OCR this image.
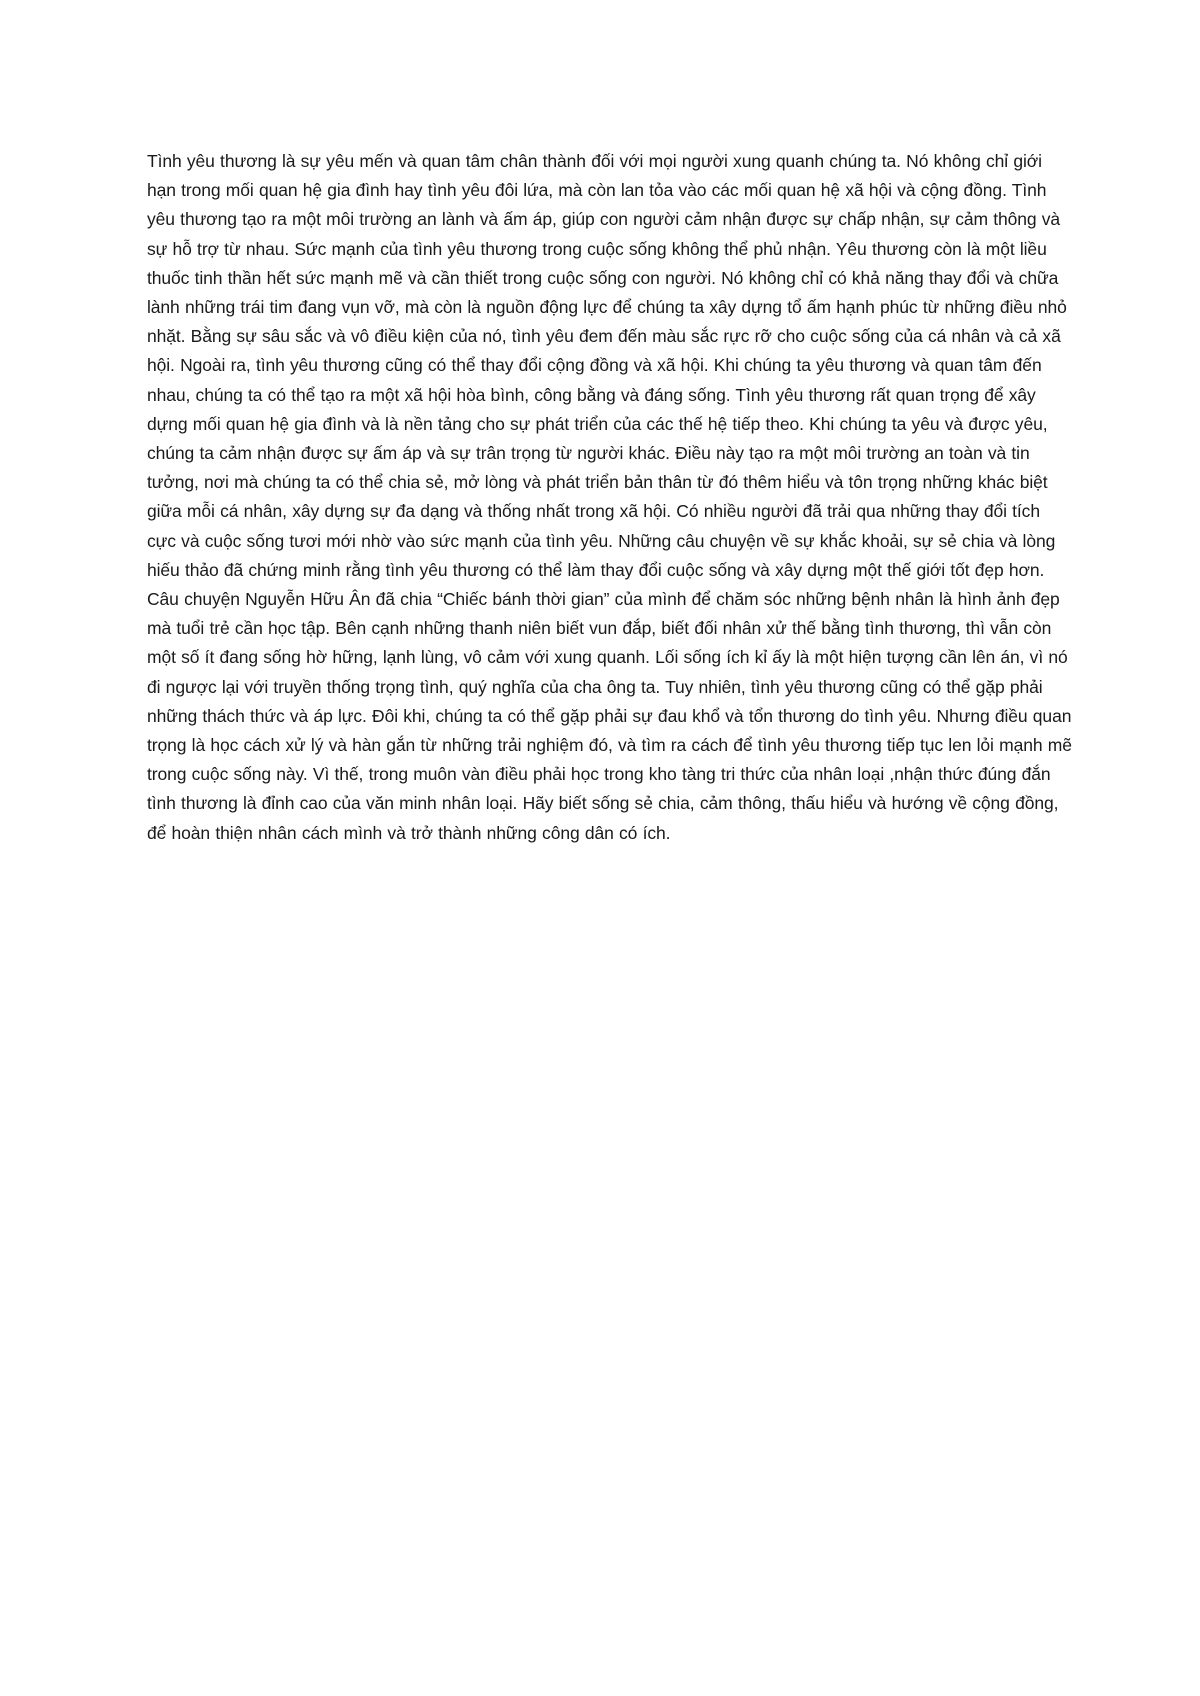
Tình yêu thương là sự yêu mến và quan tâm chân thành đối với mọi người xung quanh chúng ta. Nó không chỉ giới hạn trong mối quan hệ gia đình hay tình yêu đôi lứa, mà còn lan tỏa vào các mối quan hệ xã hội và cộng đồng. Tình yêu thương tạo ra một môi trường an lành và ấm áp, giúp con người cảm nhận được sự chấp nhận, sự cảm thông và sự hỗ trợ từ nhau. Sức mạnh của tình yêu thương trong cuộc sống không thể phủ nhận. Yêu thương còn là một liều thuốc tinh thần hết sức mạnh mẽ và cần thiết trong cuộc sống con người. Nó không chỉ có khả năng thay đổi và chữa lành những trái tim đang vụn vỡ, mà còn là nguồn động lực để chúng ta xây dựng tổ ấm hạnh phúc từ những điều nhỏ nhặt. Bằng sự sâu sắc và vô điều kiện của nó, tình yêu đem đến màu sắc rực rỡ cho cuộc sống của cá nhân và cả xã hội. Ngoài ra, tình yêu thương cũng có thể thay đổi cộng đồng và xã hội. Khi chúng ta yêu thương và quan tâm đến nhau, chúng ta có thể tạo ra một xã hội hòa bình, công bằng và đáng sống. Tình yêu thương rất quan trọng để xây dựng mối quan hệ gia đình và là nền tảng cho sự phát triển của các thế hệ tiếp theo. Khi chúng ta yêu và được yêu, chúng ta cảm nhận được sự ấm áp và sự trân trọng từ người khác. Điều này tạo ra một môi trường an toàn và tin tưởng, nơi mà chúng ta có thể chia sẻ, mở lòng và phát triển bản thân từ đó thêm hiểu và tôn trọng những khác biệt giữa mỗi cá nhân, xây dựng sự đa dạng và thống nhất trong xã hội. Có nhiều người đã trải qua những thay đổi tích cực và cuộc sống tươi mới nhờ vào sức mạnh của tình yêu. Những câu chuyện về sự khắc khoải, sự sẻ chia và lòng hiếu thảo đã chứng minh rằng tình yêu thương có thể làm thay đổi cuộc sống và xây dựng một thế giới tốt đẹp hơn. Câu chuyện Nguyễn Hữu Ân đã chia “Chiếc bánh thời gian” của mình để chăm sóc những bệnh nhân là hình ảnh đẹp mà tuổi trẻ cần học tập. Bên cạnh những thanh niên biết vun đắp, biết đối nhân xử thế bằng tình thương, thì vẫn còn một số ít đang sống hờ hững, lạnh lùng, vô cảm với xung quanh. Lối sống ích kỉ ấy là một hiện tượng cần lên án, vì nó đi ngược lại với truyền thống trọng tình, quý nghĩa của cha ông ta. Tuy nhiên, tình yêu thương cũng có thể gặp phải những thách thức và áp lực. Đôi khi, chúng ta có thể gặp phải sự đau khổ và tổn thương do tình yêu. Nhưng điều quan trọng là học cách xử lý và hàn gắn từ những trải nghiệm đó, và tìm ra cách để tình yêu thương tiếp tục len lỏi mạnh mẽ trong cuộc sống này. Vì thế, trong muôn vàn điều phải học trong kho tàng tri thức của nhân loại ,nhận thức đúng đắn tình thương là đỉnh cao của văn minh nhân loại. Hãy biết sống sẻ chia, cảm thông, thấu hiểu và hướng về cộng đồng, để hoàn thiện nhân cách mình và trở thành những công dân có ích.
